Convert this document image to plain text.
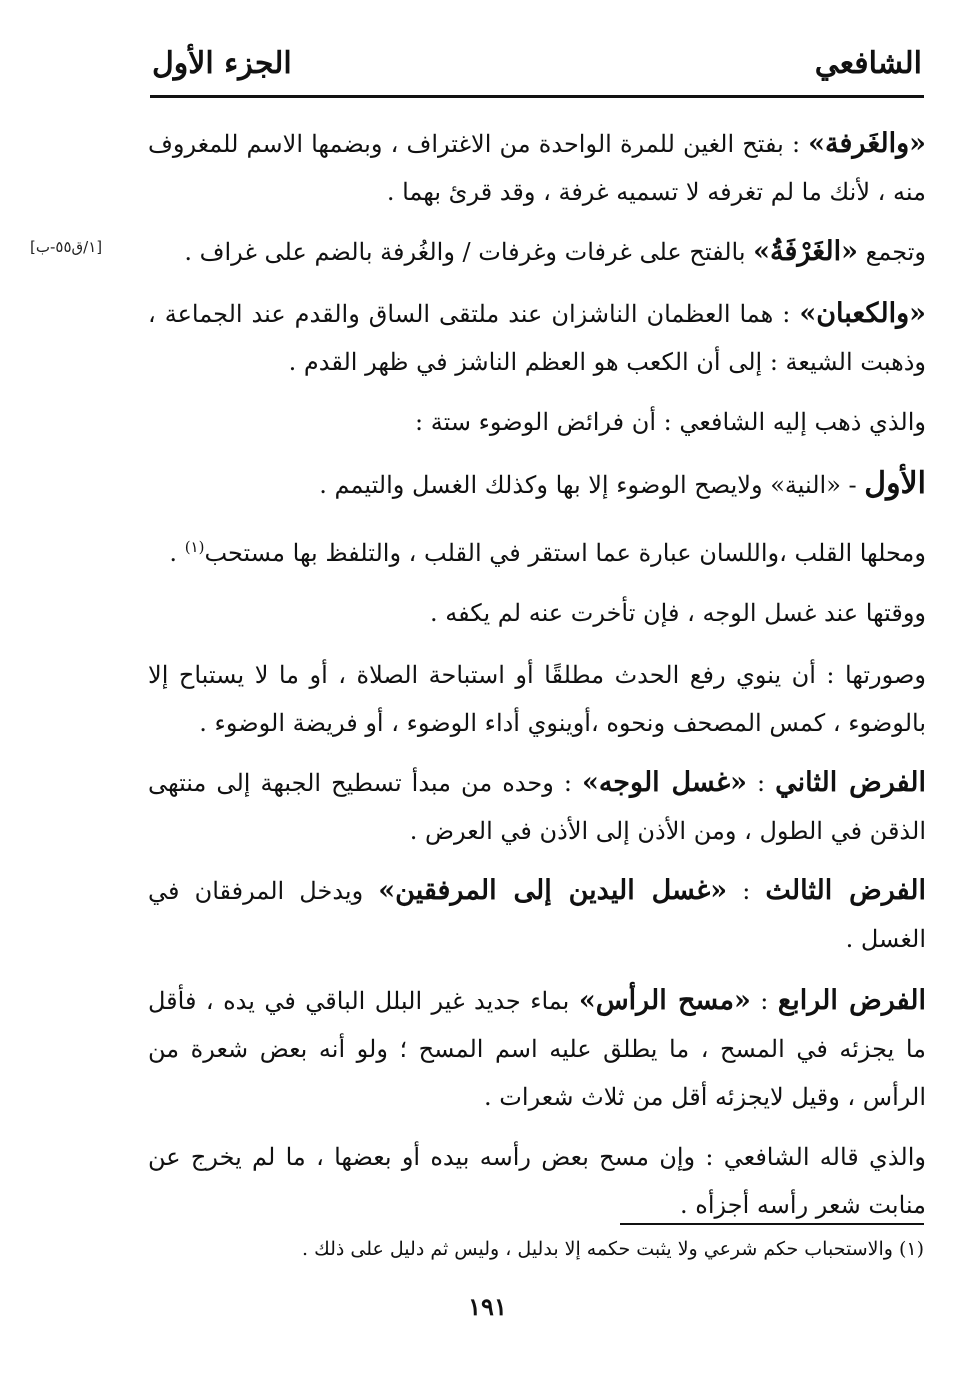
الشافعي
الجزء الأول
[١/ق٥٥-ب]

«والغَرفة» : بفتح الغين للمرة الواحدة من الاغتراف ، وبضمها الاسم للمغروف منه ، لأنك ما لم تغرفه لا تسميه غرفة ، وقد قرئ بهما .

وتجمع «الغَرْفَةُ» بالفتح على غرفات وغرفات / والغُرفة بالضم على غراف .

«والكعبان» : هما العظمان الناشزان عند ملتقى الساق والقدم عند الجماعة ، وذهبت الشيعة : إلى أن الكعب هو العظم الناشز في ظهر القدم .

والذي ذهب إليه الشافعي : أن فرائض الوضوء ستة :

الأول - «النية» ولايصح الوضوء إلا بها وكذلك الغسل والتيمم .

ومحلها القلب ،واللسان عبارة عما استقر في القلب ، والتلفظ بها مستحب$^{(١)}$ .

ووقتها عند غسل الوجه ، فإن تأخرت عنه لم يكفه .

وصورتها : أن ينوي رفع الحدث مطلقًا أو استباحة الصلاة ، أو ما لا يستباح إلا بالوضوء ، كمس المصحف ونحوه ،أوينوي أداء الوضوء ، أو فريضة الوضوء .

الفرض الثاني : «غسل الوجه» : وحده من مبدأ تسطيح الجبهة إلى منتهى الذقن في الطول ، ومن الأذن إلى الأذن في العرض .

الفرض الثالث : «غسل اليدين إلى المرفقين» ويدخل المرفقان في الغسل .

الفرض الرابع : «مسح الرأس» بماء جديد غير البلل الباقي في يده ، فأقل ما يجزئه في المسح ، ما يطلق عليه اسم المسح ؛ ولو أنه بعض شعرة من الرأس ، وقيل لايجزئه أقل من ثلاث شعرات .

والذي قاله الشافعي : وإن مسح بعض رأسه بيده أو بعضها ، ما لم يخرج عن منابت شعر رأسه أجزأه .

(١) والاستحباب حكم شرعي ولا يثبت حكمه إلا بدليل ، وليس ثم دليل على ذلك .
١٩١
